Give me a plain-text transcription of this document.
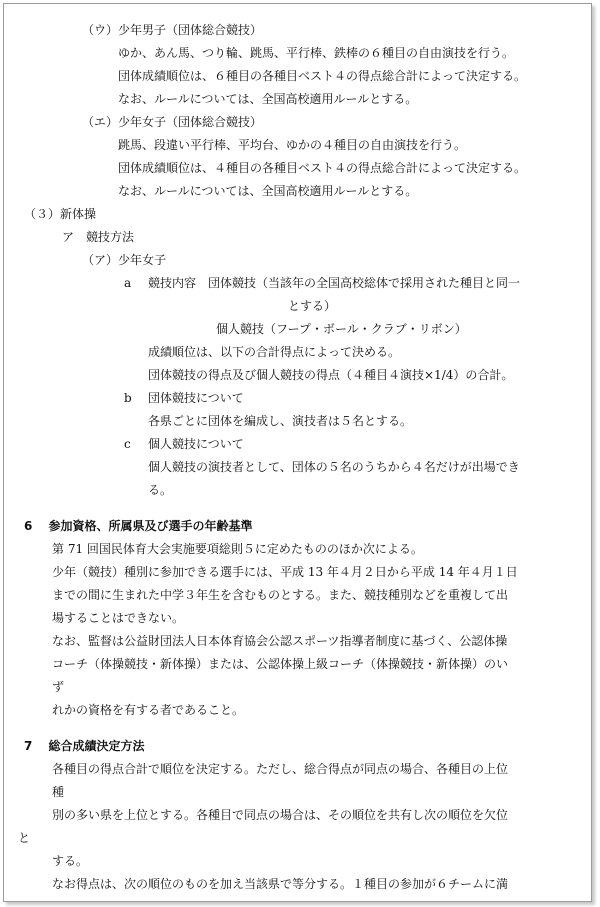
（ウ）少年男子（団体総合競技）

ゆか、あん馬、つり輪、跳馬、平行棒、鉄棒の６種目の自由演技を行う。

団体成績順位は、６種目の各種目ベスト４の得点総合計によって決定する。

なお、ルールについては、全国高校適用ルールとする。

（エ）少年女子（団体総合競技）

跳馬、段違い平行棒、平均台、ゆかの４種目の自由演技を行う。

団体成績順位は、４種目の各種目ベスト４の得点総合計によって決定する。

なお、ルールについては、全国高校適用ルールとする。

（３）新体操

ア　競技方法

（ア）少年女子

a 競技内容　団体競技（当該年の全国高校総体で採用された種目と同一

とする）

個人競技（フープ・ボール・クラブ・リボン）

成績順位は、以下の合計得点によって決める。

団体競技の得点及び個人競技の得点（４種目４演技×1/4）の合計。

b 団体競技について

各県ごとに団体を編成し、演技者は５名とする。

c 個人競技について

個人競技の演技者として、団体の５名のうちから４名だけが出場でき

る。

6　 参加資格、所属県及び選手の年齢基準

第 71 回国民体育大会実施要項総則５に定めたもののほか次による。

少年（競技）種別に参加できる選手には、平成 13 年４月２日から平成 14 年４月１日

までの間に生まれた中学３年生を含むものとする。また、競技種別などを重複して出

場することはできない。

なお、監督は公益財団法人日本体育協会公認スポーツ指導者制度に基づく、公認体操

コーチ（体操競技・新体操）または、公認体操上級コーチ（体操競技・新体操）のい

ず

れかの資格を有する者であること。

7　 総合成績決定方法

各種目の得点合計で順位を決定する。ただし、総合得点が同点の場合、各種目の上位

種

別の多い県を上位とする。各種目で同点の場合は、その順位を共有し次の順位を欠位

と

する。

なお得点は、次の順位のものを加え当該県で等分する。１種目の参加が６チームに満
